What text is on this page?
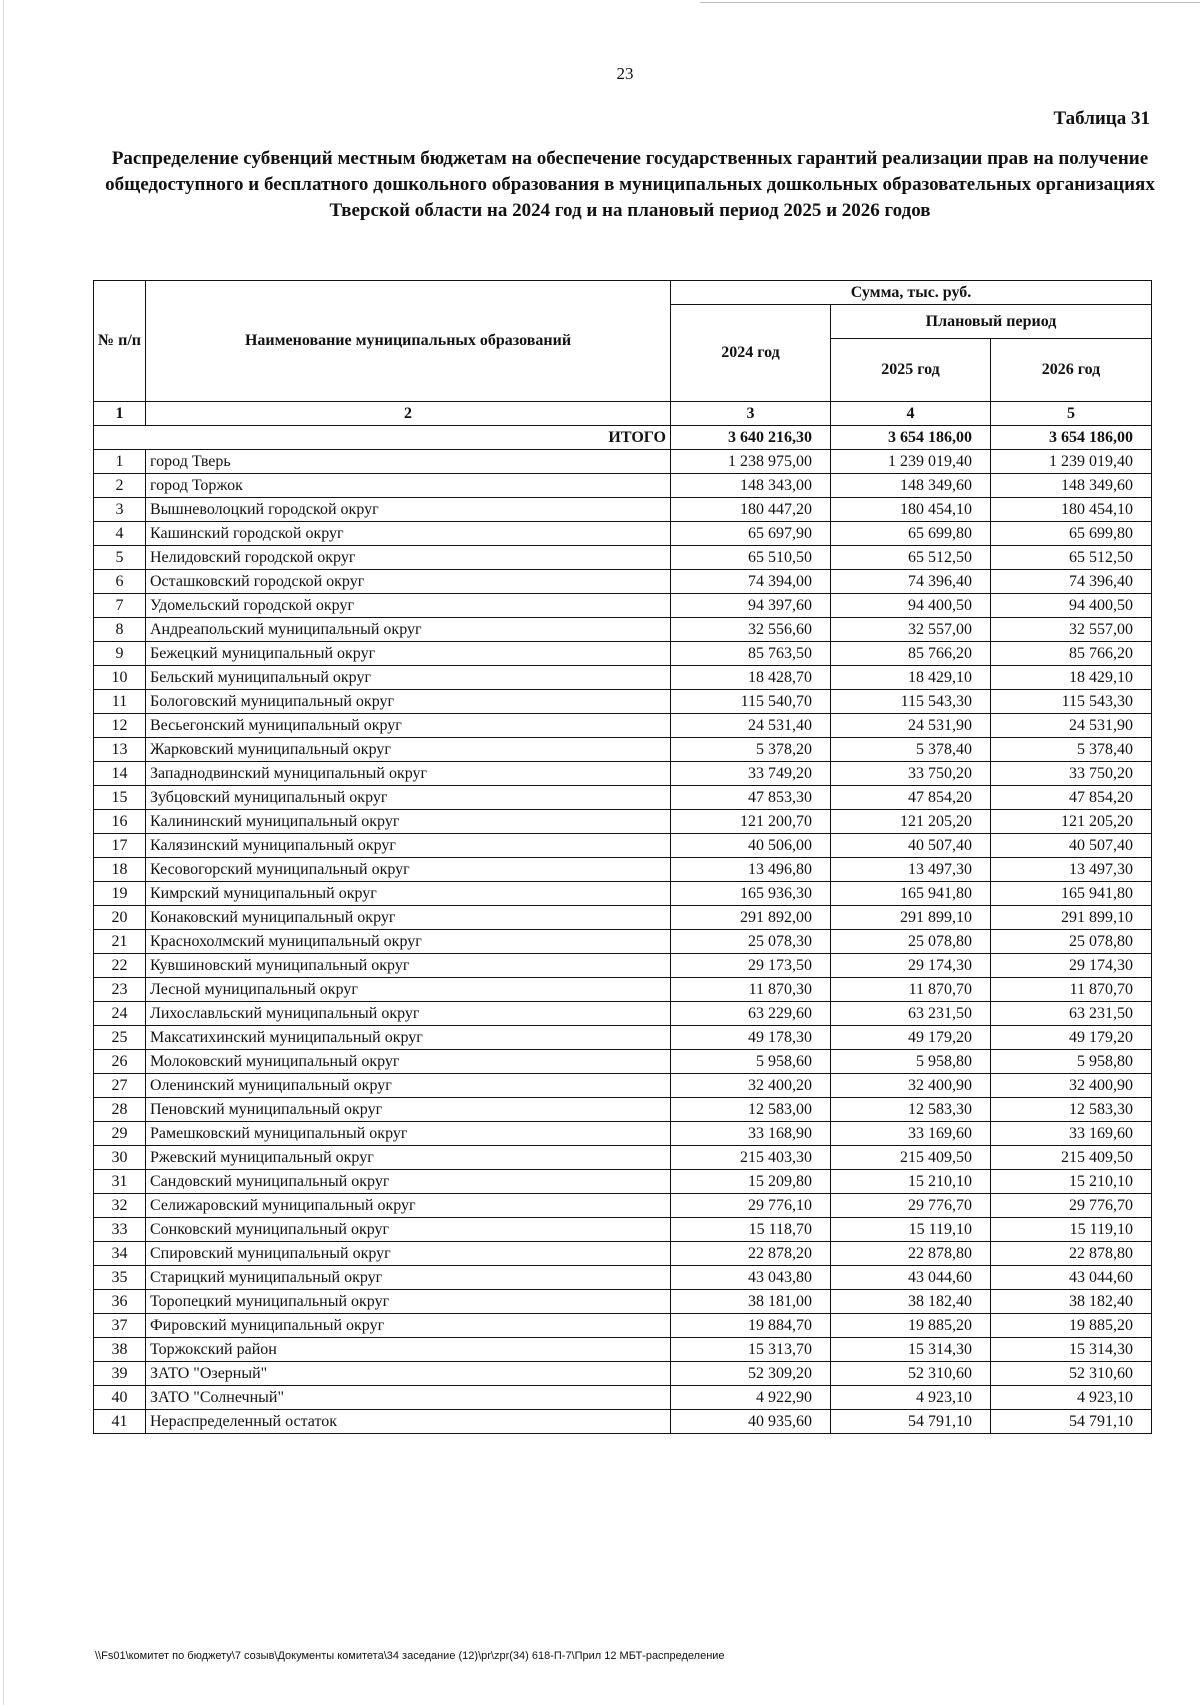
23
Таблица 31
Распределение субвенций местным бюджетам на обеспечение государственных гарантий реализации прав на получение общедоступного и бесплатного дошкольного образования в муниципальных дошкольных образовательных организациях Тверской области на 2024 год и на плановый период 2025 и 2026 годов
№ п/п	Наименование муниципальных образований	Сумма, тыс. руб.		
		2024 год	Плановый период	
			2025 год	2026 год
1	2	3	4	5
ИТОГО		3 640 216,30	3 654 186,00	3 654 186,00
1	город Тверь	1 238 975,00	1 239 019,40	1 239 019,40
2	город Торжок	148 343,00	148 349,60	148 349,60
3	Вышневолоцкий городской округ	180 447,20	180 454,10	180 454,10
4	Кашинский городской округ	65 697,90	65 699,80	65 699,80
5	Нелидовский городской округ	65 510,50	65 512,50	65 512,50
6	Осташковский городской округ	74 394,00	74 396,40	74 396,40
7	Удомельский городской округ	94 397,60	94 400,50	94 400,50
8	Андреапольский муниципальный округ	32 556,60	32 557,00	32 557,00
9	Бежецкий муниципальный округ	85 763,50	85 766,20	85 766,20
10	Бельский муниципальный округ	18 428,70	18 429,10	18 429,10
11	Бологовский муниципальный округ	115 540,70	115 543,30	115 543,30
12	Весьегонский муниципальный округ	24 531,40	24 531,90	24 531,90
13	Жарковский муниципальный округ	5 378,20	5 378,40	5 378,40
14	Западнодвинский муниципальный округ	33 749,20	33 750,20	33 750,20
15	Зубцовский муниципальный округ	47 853,30	47 854,20	47 854,20
16	Калининский муниципальный округ	121 200,70	121 205,20	121 205,20
17	Калязинский муниципальный округ	40 506,00	40 507,40	40 507,40
18	Кесовогорский муниципальный округ	13 496,80	13 497,30	13 497,30
19	Кимрский муниципальный округ	165 936,30	165 941,80	165 941,80
20	Конаковский муниципальный округ	291 892,00	291 899,10	291 899,10
21	Краснохолмский муниципальный округ	25 078,30	25 078,80	25 078,80
22	Кувшиновский муниципальный округ	29 173,50	29 174,30	29 174,30
23	Лесной муниципальный округ	11 870,30	11 870,70	11 870,70
24	Лихославльский муниципальный округ	63 229,60	63 231,50	63 231,50
25	Максатихинский муниципальный округ	49 178,30	49 179,20	49 179,20
26	Молоковский муниципальный округ	5 958,60	5 958,80	5 958,80
27	Оленинский муниципальный округ	32 400,20	32 400,90	32 400,90
28	Пеновский муниципальный округ	12 583,00	12 583,30	12 583,30
29	Рамешковский муниципальный округ	33 168,90	33 169,60	33 169,60
30	Ржевский муниципальный округ	215 403,30	215 409,50	215 409,50
31	Сандовский муниципальный округ	15 209,80	15 210,10	15 210,10
32	Селижаровский муниципальный округ	29 776,10	29 776,70	29 776,70
33	Сонковский муниципальный округ	15 118,70	15 119,10	15 119,10
34	Спировский муниципальный округ	22 878,20	22 878,80	22 878,80
35	Старицкий муниципальный округ	43 043,80	43 044,60	43 044,60
36	Торопецкий муниципальный округ	38 181,00	38 182,40	38 182,40
37	Фировский муниципальный округ	19 884,70	19 885,20	19 885,20
38	Торжокский район	15 313,70	15 314,30	15 314,30
39	ЗАТО "Озерный"	52 309,20	52 310,60	52 310,60
40	ЗАТО "Солнечный"	4 922,90	4 923,10	4 923,10
41	Нераспределенный остаток	40 935,60	54 791,10	54 791,10
\\Fs01\комитет по бюджету\7 созыв\Документы комитета\34 заседание (12)\pr\zpr(34) 618-П-7\Прил 12 МБТ-распределение
